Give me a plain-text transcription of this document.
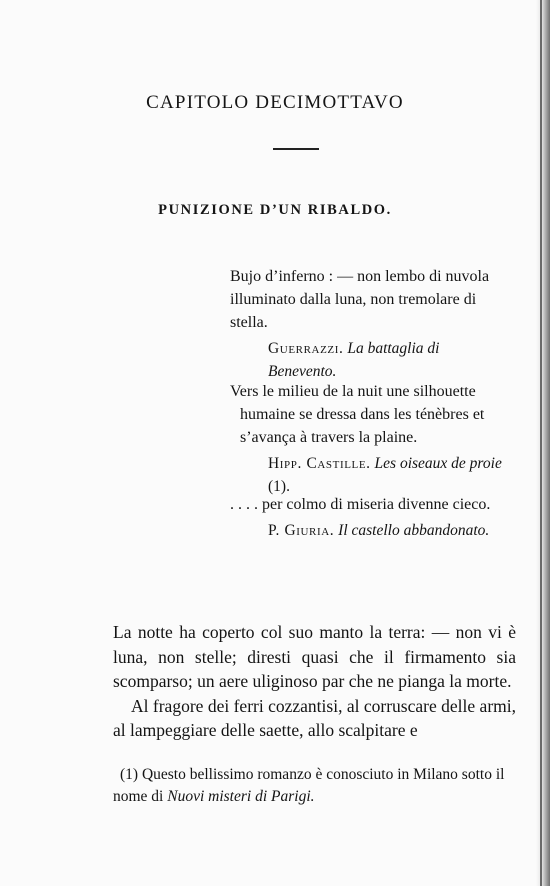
CAPITOLO DECIMOTTAVO
PUNIZIONE D’UN RIBALDO.

Bujo d’inferno : — non lembo di nuvola illuminato dalla luna, non tremolare di stella.

Guerrazzi. La battaglia di Benevento.

Vers le milieu de la nuit une silhouette humaine se dressa dans les ténèbres et s’avança à travers la plaine.

Hipp. Castille. Les oiseaux de proie (1).

. . . . per colmo di miseria divenne cieco.

P. Giuria. Il castello abbandonato.

La notte ha coperto col suo manto la terra: — non vi è luna, non stelle; diresti quasi che il firmamento sia scomparso; un aere uliginoso par che ne pianga la morte.

Al fragore dei ferri cozzantisi, al corruscare delle armi, al lampeggiare delle saette, allo scalpitare e

(1) Questo bellissimo romanzo è conosciuto in Milano sotto il nome di Nuovi misteri di Parigi.
